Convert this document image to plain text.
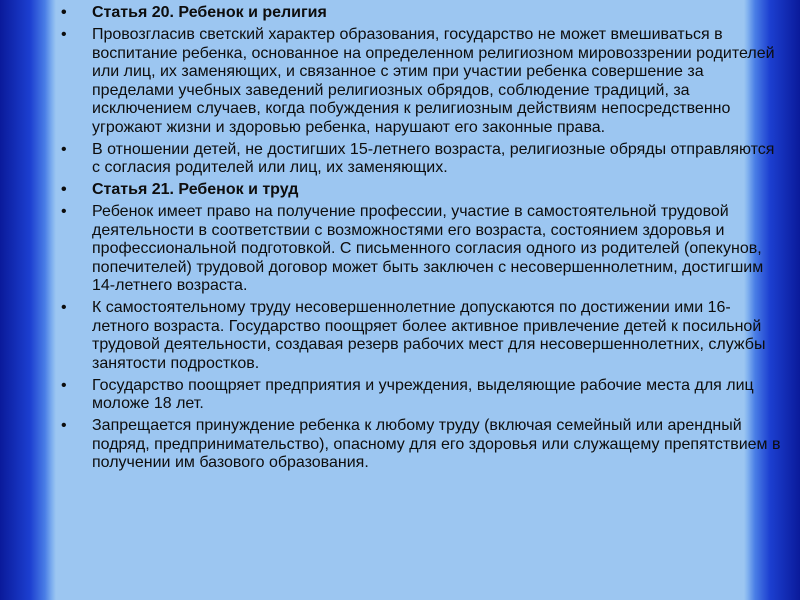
• Статья 20. Ребенок и религия
• Провозгласив светский характер образования, государство не может вмешиваться в воспитание ребенка, основанное на определенном религиозном мировоззрении родителей или лиц, их заменяющих, и связанное с этим при участии ребенка совершение за пределами учебных заведений религиозных обрядов, соблюдение традиций, за исключением случаев, когда побуждения к религиозным действиям непосредственно угрожают жизни и здоровью ребенка, нарушают его законные права.
• В отношении детей, не достигших 15-летнего возраста, религиозные обряды отправляются с согласия родителей или лиц, их заменяющих.
• Статья 21. Ребенок и труд
• Ребенок имеет право на получение профессии, участие в самостоятельной трудовой деятельности в соответствии с возможностями его возраста, состоянием здоровья и профессиональной подготовкой. С письменного согласия одного из родителей (опекунов, попечителей) трудовой договор может быть заключен с несовершеннолетним, достигшим 14-летнего возраста.
• К самостоятельному труду несовершеннолетние допускаются по достижении ими 16-летного возраста. Государство поощряет более активное привлечение детей к посильной трудовой деятельности, создавая резерв рабочих мест для несовершеннолетних, службы занятости подростков.
• Государство поощряет предприятия и учреждения, выделяющие рабочие места для лиц моложе 18 лет.
• Запрещается принуждение ребенка к любому труду (включая семейный или арендный подряд, предпринимательство), опасному для его здоровья или служащему препятствием в получении им базового образования.
